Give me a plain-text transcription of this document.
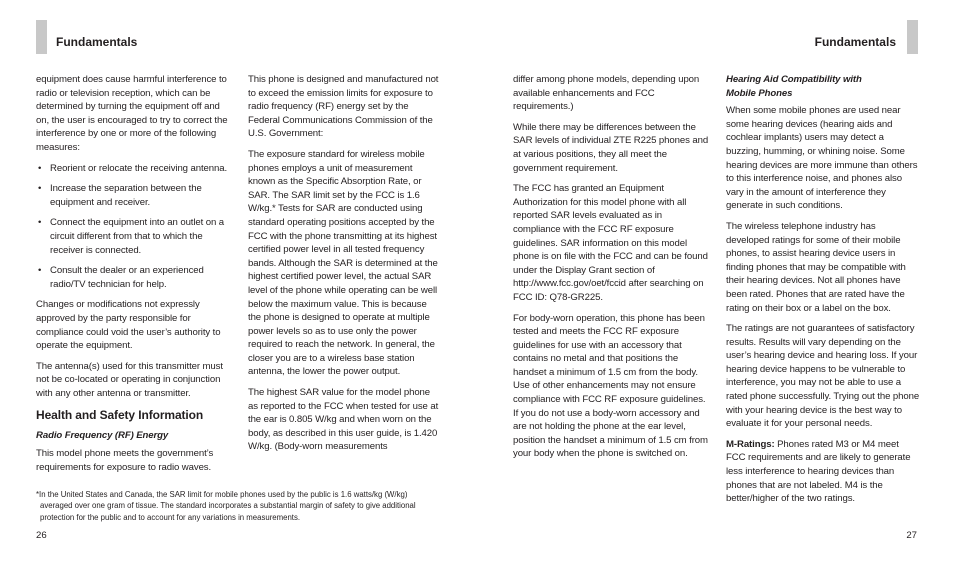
Fundamentals	Fundamentals

equipment does cause harmful interference to radio or television reception, which can be determined by turning the equipment off and on, the user is encouraged to try to correct the interference by one or more of the following measures:

• Reorient or relocate the receiving antenna.
• Increase the separation between the equipment and receiver.
• Connect the equipment into an outlet on a circuit different from that to which the receiver is connected.
• Consult the dealer or an experienced radio/TV technician for help.

Changes or modifications not expressly approved by the party responsible for compliance could void the user’s authority to operate the equipment.

The antenna(s) used for this transmitter must not be co-located or operating in conjunction with any other antenna or transmitter.

Health and Safety Information
Radio Frequency (RF) Energy

This model phone meets the government’s requirements for exposure to radio waves.

This phone is designed and manufactured not to exceed the emission limits for exposure to radio frequency (RF) energy set by the Federal Communications Commission of the U.S. Government:

The exposure standard for wireless mobile phones employs a unit of measurement known as the Specific Absorption Rate, or SAR. The SAR limit set by the FCC is 1.6 W/kg.* Tests for SAR are conducted using standard operating positions accepted by the FCC with the phone transmitting at its highest certified power level in all tested frequency bands. Although the SAR is determined at the highest certified power level, the actual SAR level of the phone while operating can be well below the maximum value. This is because the phone is designed to operate at multiple power levels so as to use only the power required to reach the network. In general, the closer you are to a wireless base station antenna, the lower the power output.

The highest SAR value for the model phone as reported to the FCC when tested for use at the ear is 0.805 W/kg and when worn on the body, as described in this user guide, is 1.420 W/kg. (Body-worn measurements

differ among phone models, depending upon available enhancements and FCC requirements.)

While there may be differences between the SAR levels of individual ZTE R225 phones and at various positions, they all meet the government requirement.

The FCC has granted an Equipment Authorization for this model phone with all reported SAR levels evaluated as in compliance with the FCC RF exposure guidelines. SAR information on this model phone is on file with the FCC and can be found under the Display Grant section of http://www.fcc.gov/oet/fccid after searching on FCC ID: Q78-GR225.

For body-worn operation, this phone has been tested and meets the FCC RF exposure guidelines for use with an accessory that contains no metal and that positions the handset a minimum of 1.5 cm from the body. Use of other enhancements may not ensure compliance with FCC RF exposure guidelines. If you do not use a body-worn accessory and are not holding the phone at the ear level, position the handset a minimum of 1.5 cm from your body when the phone is switched on.

Hearing Aid Compatibility with
Mobile Phones

When some mobile phones are used near some hearing devices (hearing aids and cochlear implants) users may detect a buzzing, humming, or whining noise. Some hearing devices are more immune than others to this interference noise, and phones also vary in the amount of interference they generate in such conditions.

The wireless telephone industry has developed ratings for some of their mobile phones, to assist hearing device users in finding phones that may be compatible with their hearing devices. Not all phones have been rated. Phones that are rated have the rating on their box or a label on the box.

The ratings are not guarantees of satisfactory results. Results will vary depending on the user’s hearing device and hearing loss. If your hearing device happens to be vulnerable to interference, you may not be able to use a rated phone successfully. Trying out the phone with your hearing device is the best way to evaluate it for your personal needs.

M-Ratings: Phones rated M3 or M4 meet FCC requirements and are likely to generate less interference to hearing devices than phones that are not labeled. M4 is the better/higher of the two ratings.

*In the United States and Canada, the SAR limit for mobile phones used by the public is 1.6 watts/kg (W/kg)
averaged over one gram of tissue. The standard incorporates a substantial margin of safety to give additional
protection for the public and to account for any variations in measurements.
26	27
